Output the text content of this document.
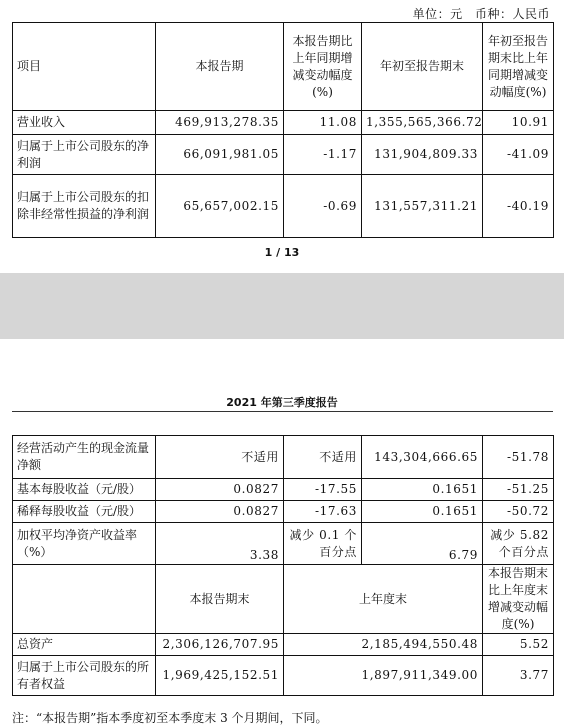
单位：元 币种：人民币
项目	本报告期	本报告期比上年同期增减变动幅度(%)	年初至报告期末	年初至报告期末比上年同期增减变动幅度(%)
营业收入	469,913,278.35	11.08	1,355,565,366.72	10.91
归属于上市公司股东的净利润	66,091,981.05	-1.17	131,904,809.33	-41.09
归属于上市公司股东的扣除非经常性损益的净利润	65,657,002.15	-0.69	131,557,311.21	-40.19
1 / 13
2021 年第三季度报告
经营活动产生的现金流量净额	不适用	不适用	143,304,666.65	-51.78
基本每股收益（元/股）	0.0827	-17.55	0.1651	-51.25
稀释每股收益（元/股）	0.0827	-17.63	0.1651	-50.72
加权平均净资产收益率（%）	3.38	减少 0.1 个百分点	6.79	减少 5.82 个百分点
	本报告期末	上年度末		本报告期末比上年度末增减变动幅度(%)
总资产	2,306,126,707.95	2,185,494,550.48		5.52
归属于上市公司股东的所有者权益	1,969,425,152.51	1,897,911,349.00		3.77
注：“本报告期”指本季度初至本季度末 3 个月期间，下同。
